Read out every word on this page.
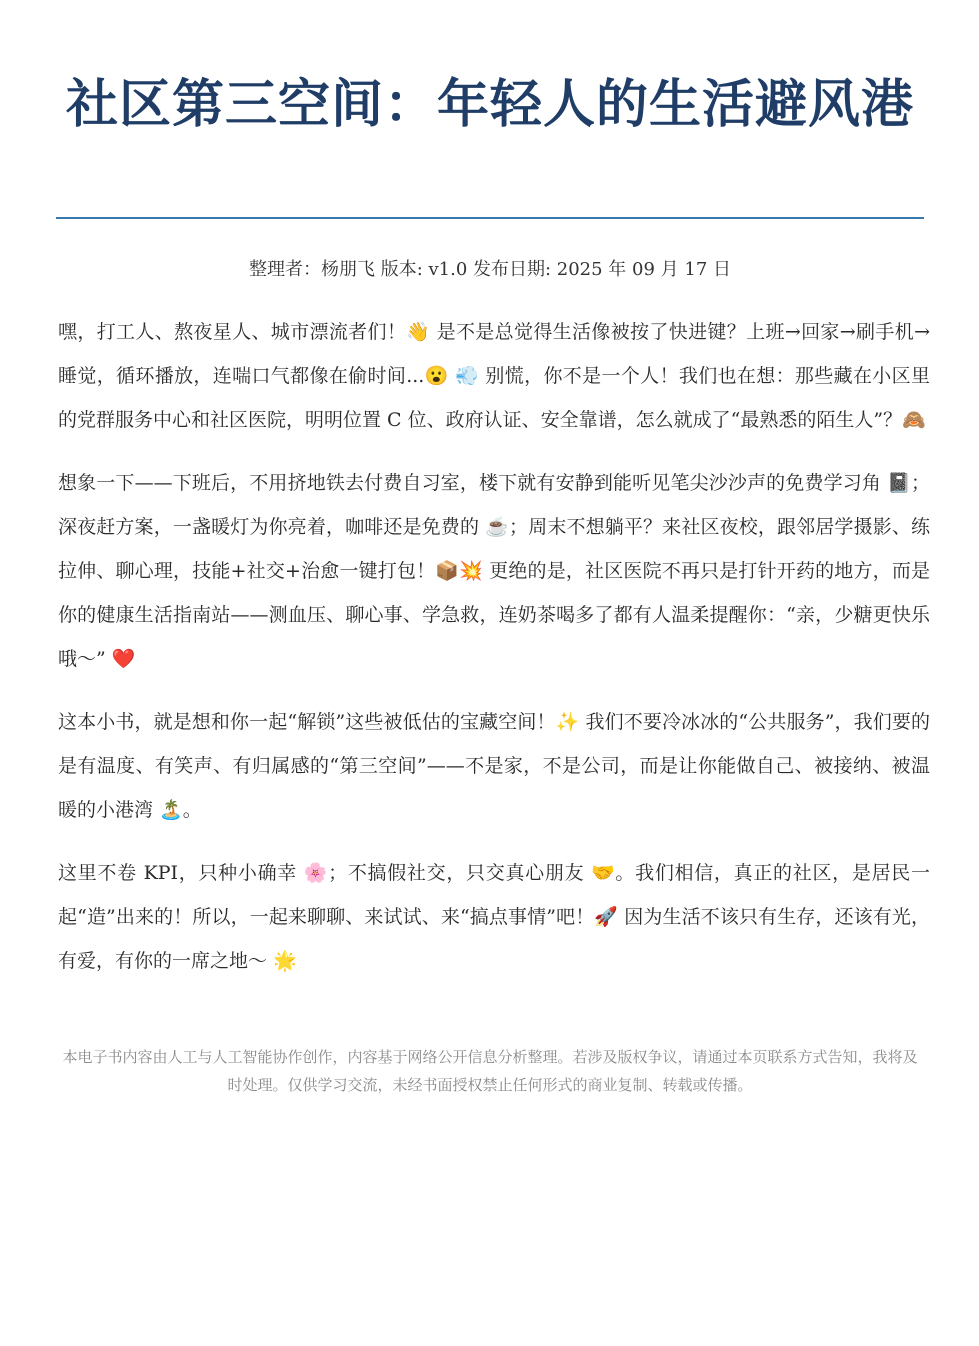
社区第三空间：年轻人的生活避风港
整理者：杨朋飞 版本: v1.0 发布日期: 2025 年 09 月 17 日

嘿，打工人、熬夜星人、城市漂流者们！👋 是不是总觉得生活像被按了快进键？上班→回家→刷手机→睡觉，循环播放，连喘口气都像在偷时间...😮 💨 别慌，你不是一个人！我们也在想：那些藏在小区里的党群服务中心和社区医院，明明位置 C 位、政府认证、安全靠谱，怎么就成了“最熟悉的陌生人”？🙈

想象一下——下班后，不用挤地铁去付费自习室，楼下就有安静到能听见笔尖沙沙声的免费学习角 📓；深夜赶方案，一盏暖灯为你亮着，咖啡还是免费的 ☕；周末不想躺平？来社区夜校，跟邻居学摄影、练拉伸、聊心理，技能+社交+治愈一键打包！📦💥 更绝的是，社区医院不再只是打针开药的地方，而是你的健康生活指南站——测血压、聊心事、学急救，连奶茶喝多了都有人温柔提醒你：“亲，少糖更快乐哦～” ❤️

这本小书，就是想和你一起“解锁”这些被低估的宝藏空间！✨ 我们不要冷冰冰的“公共服务”，我们要的是有温度、有笑声、有归属感的“第三空间”——不是家，不是公司，而是让你能做自己、被接纳、被温暖的小港湾 🏝️。

这里不卷 KPI，只种小确幸 🌸；不搞假社交，只交真心朋友 🤝。我们相信，真正的社区，是居民一起“造”出来的！所以，一起来聊聊、来试试、来“搞点事情”吧！🚀 因为生活不该只有生存，还该有光，有爱，有你的一席之地～ 🌟

本电子书内容由人工与人工智能协作创作，内容基于网络公开信息分析整理。若涉及版权争议，请通过本页联系方式告知，我将及时处理。仅供学习交流，未经书面授权禁止任何形式的商业复制、转载或传播。
